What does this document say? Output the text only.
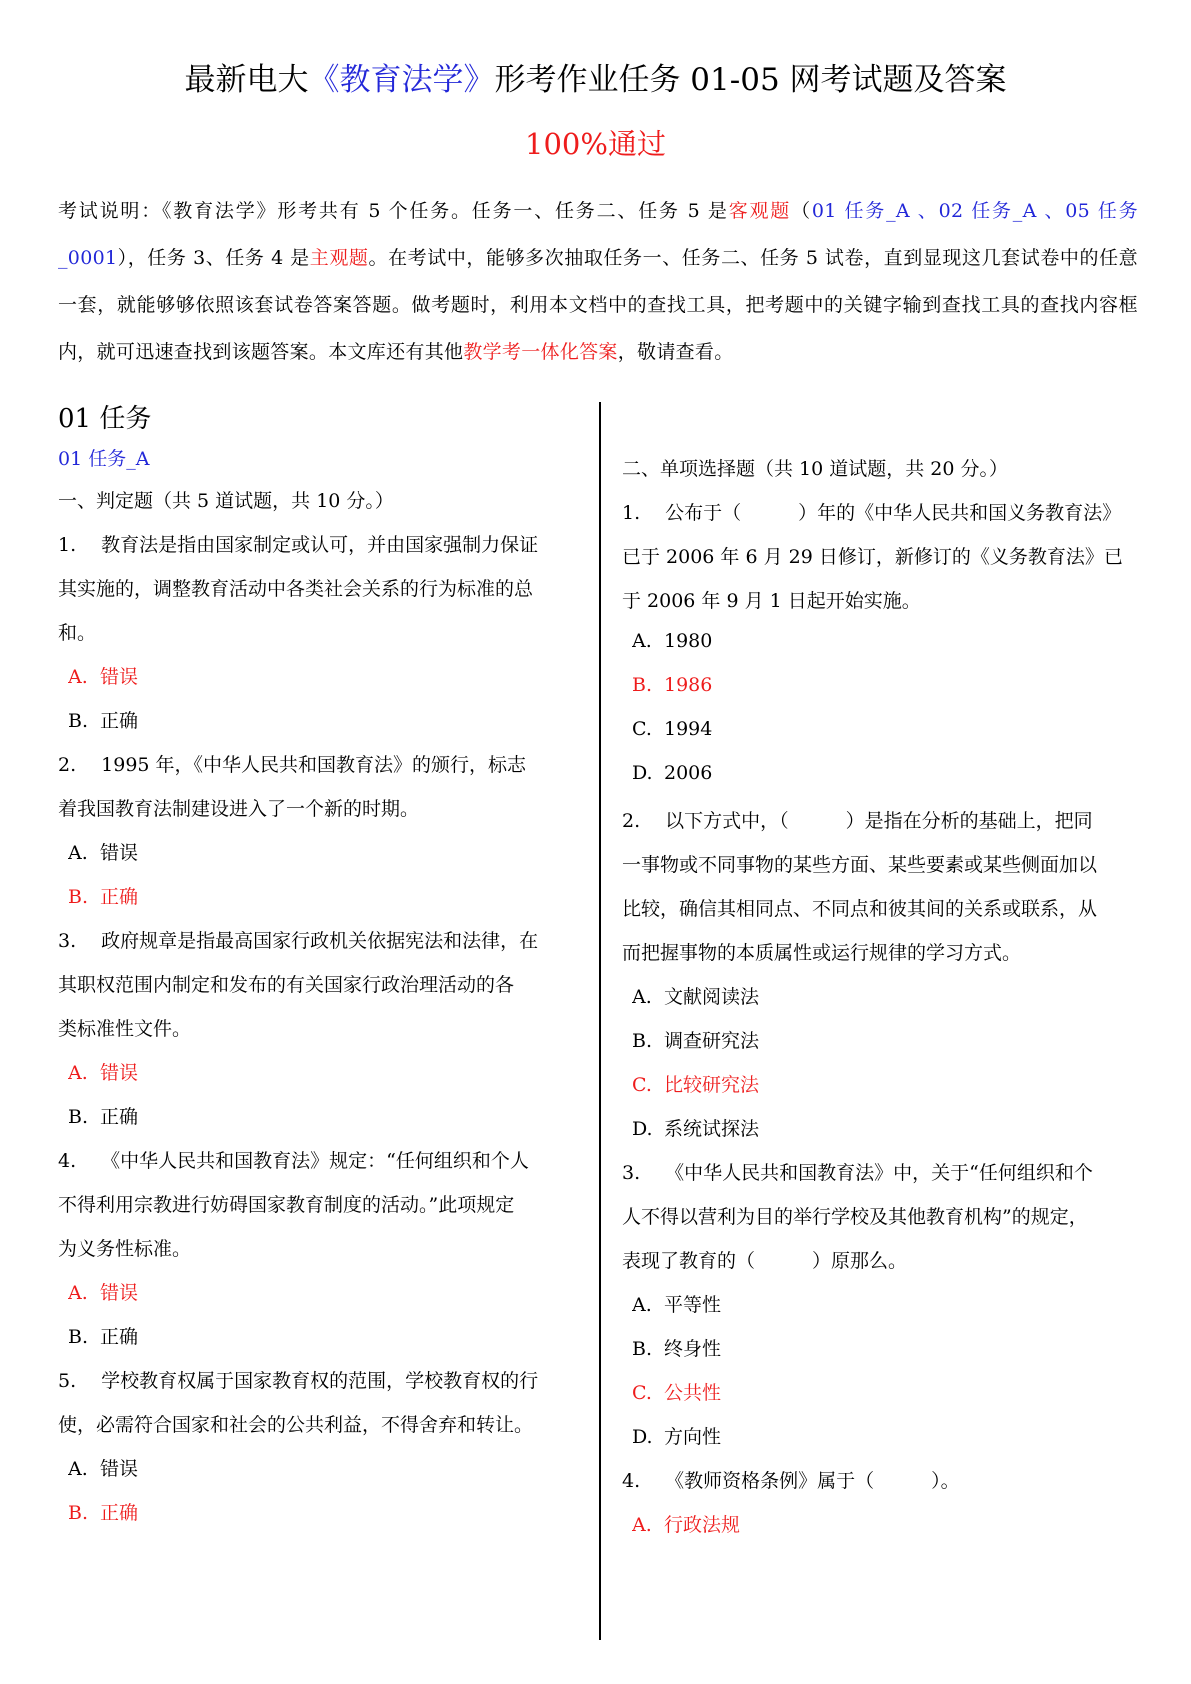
最新电大《教育法学》形考作业任务 01-05 网考试题及答案
100%通过
考试说明：《教育法学》形考共有 5 个任务。任务一、任务二、任务 5 是客观题（01 任务_A 、02 任务_A 、05 任务_0001），任务 3、任务 4 是主观题。在考试中，能够多次抽取任务一、任务二、任务 5 试卷，直到显现这几套试卷中的任意一套，就能够够依照该套试卷答案答题。做考题时，利用本文档中的查找工具，把考题中的关键字输到查找工具的查找内容框内，就可迅速查找到该题答案。本文库还有其他教学考一体化答案，敬请查看。
01 任务
01 任务_A
一、判定题（共 5 道试题，共 10 分。）
1.　 教育法是指由国家制定或认可，并由国家强制力保证
其实施的，调整教育活动中各类社会关系的行为标准的总
和。
A. 错误
B. 正确
2.　 1995 年，《中华人民共和国教育法》的颁行，标志
着我国教育法制建设进入了一个新的时期。
A. 错误
B. 正确
3.　 政府规章是指最高国家行政机关依据宪法和法律，在
其职权范围内制定和发布的有关国家行政治理活动的各
类标准性文件。
A. 错误
B. 正确
4.　 《中华人民共和国教育法》规定：“任何组织和个人
不得利用宗教进行妨碍国家教育制度的活动。”此项规定
为义务性标准。
A. 错误
B. 正确
5.　 学校教育权属于国家教育权的范围，学校教育权的行
使，必需符合国家和社会的公共利益，不得舍弃和转让。
A. 错误
B. 正确
二、单项选择题（共 10 道试题，共 20 分。）
1.　 公布于（　　　）年的《中华人民共和国义务教育法》
已于 2006 年 6 月 29 日修订，新修订的《义务教育法》已
于 2006 年 9 月 1 日起开始实施。
A. 1980
B. 1986
C. 1994
D. 2006
2.　 以下方式中，（　　　）是指在分析的基础上，把同
一事物或不同事物的某些方面、某些要素或某些侧面加以
比较，确信其相同点、不同点和彼其间的关系或联系，从
而把握事物的本质属性或运行规律的学习方式。
A. 文献阅读法
B. 调查研究法
C. 比较研究法
D. 系统试探法
3.　 《中华人民共和国教育法》中，关于“任何组织和个
人不得以营利为目的举行学校及其他教育机构”的规定，
表现了教育的（　　　）原那么。
A. 平等性
B. 终身性
C. 公共性
D. 方向性
4.　 《教师资格条例》属于（　　　）。
A. 行政法规
